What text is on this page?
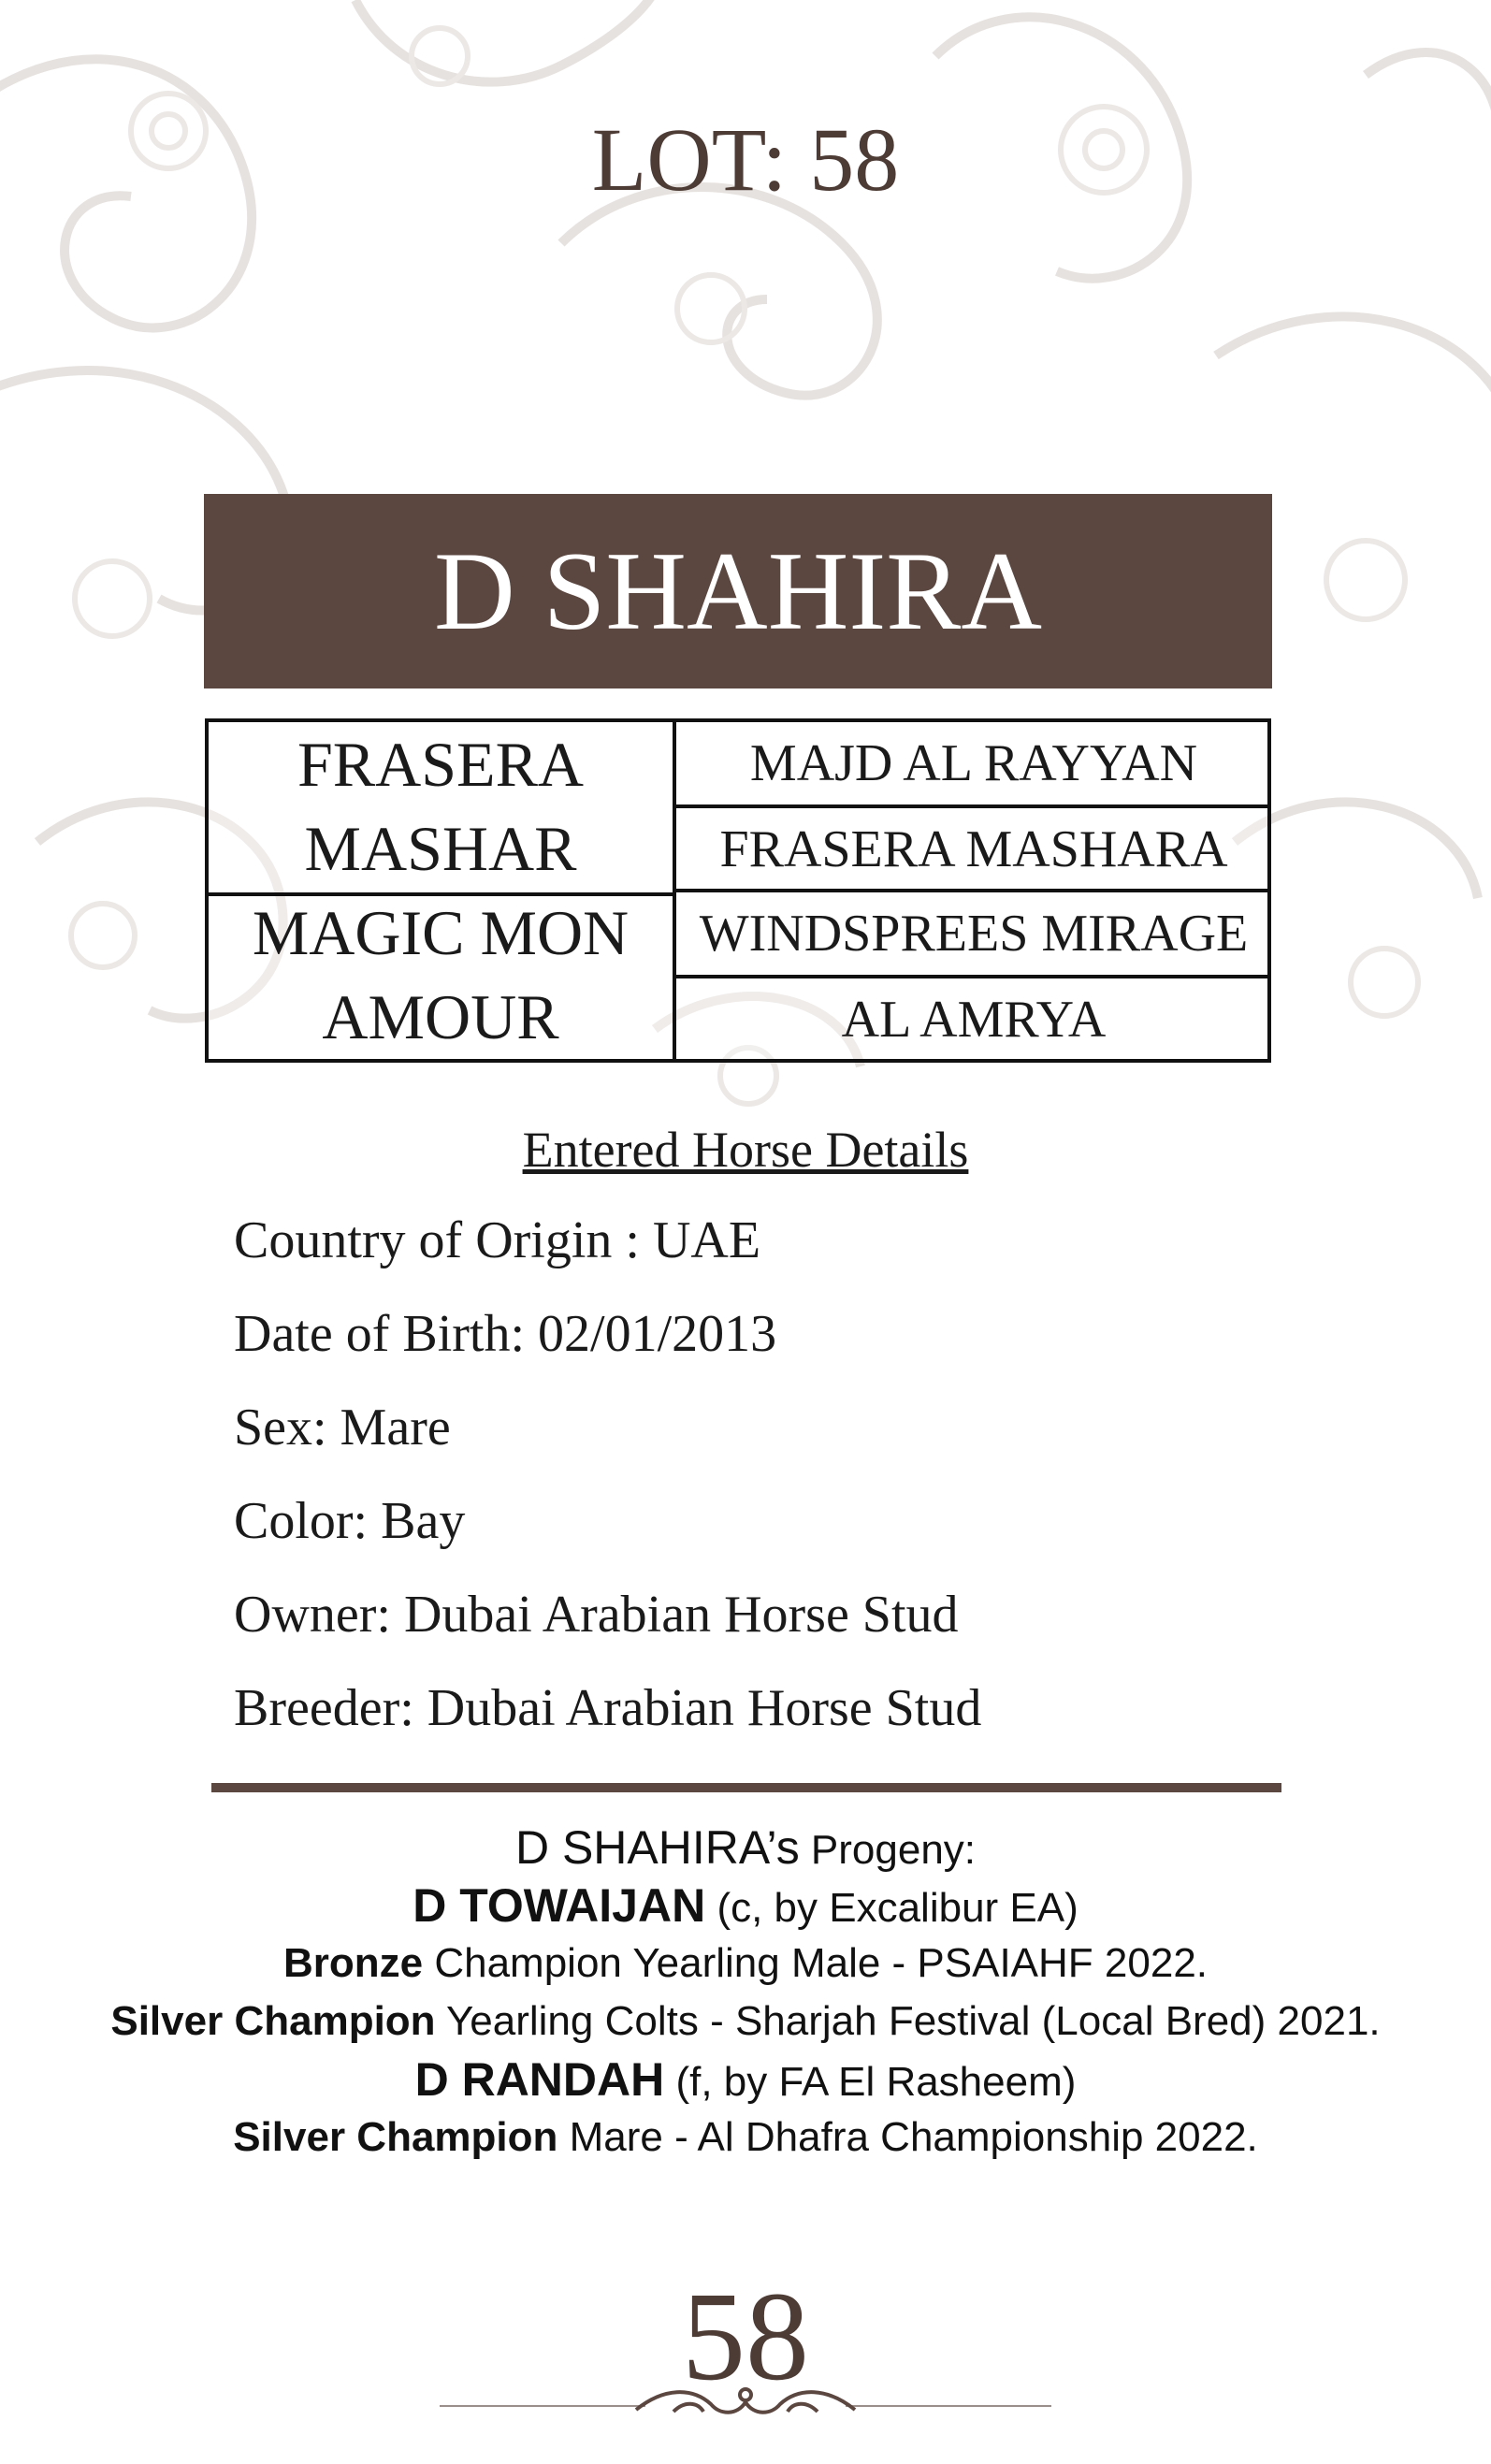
LOT: 58
D SHAHIRA
FRASERA MASHAR
MAGIC MON AMOUR
MAJD AL RAYYAN
FRASERA MASHARA
WINDSPREES MIRAGE
AL AMRYA
Entered Horse Details
Country of Origin : UAE
Date of Birth: 02/01/2013
Sex: Mare
Color: Bay
Owner: Dubai Arabian Horse Stud
Breeder: Dubai Arabian Horse Stud
D SHAHIRA’s Progeny:
D TOWAIJAN (c, by Excalibur EA)
Bronze Champion Yearling Male - PSAIAHF 2022.
Silver Champion Yearling Colts - Sharjah Festival (Local Bred) 2021.
D RANDAH (f, by FA El Rasheem)
Silver Champion Mare - Al Dhafra Championship 2022.
58
